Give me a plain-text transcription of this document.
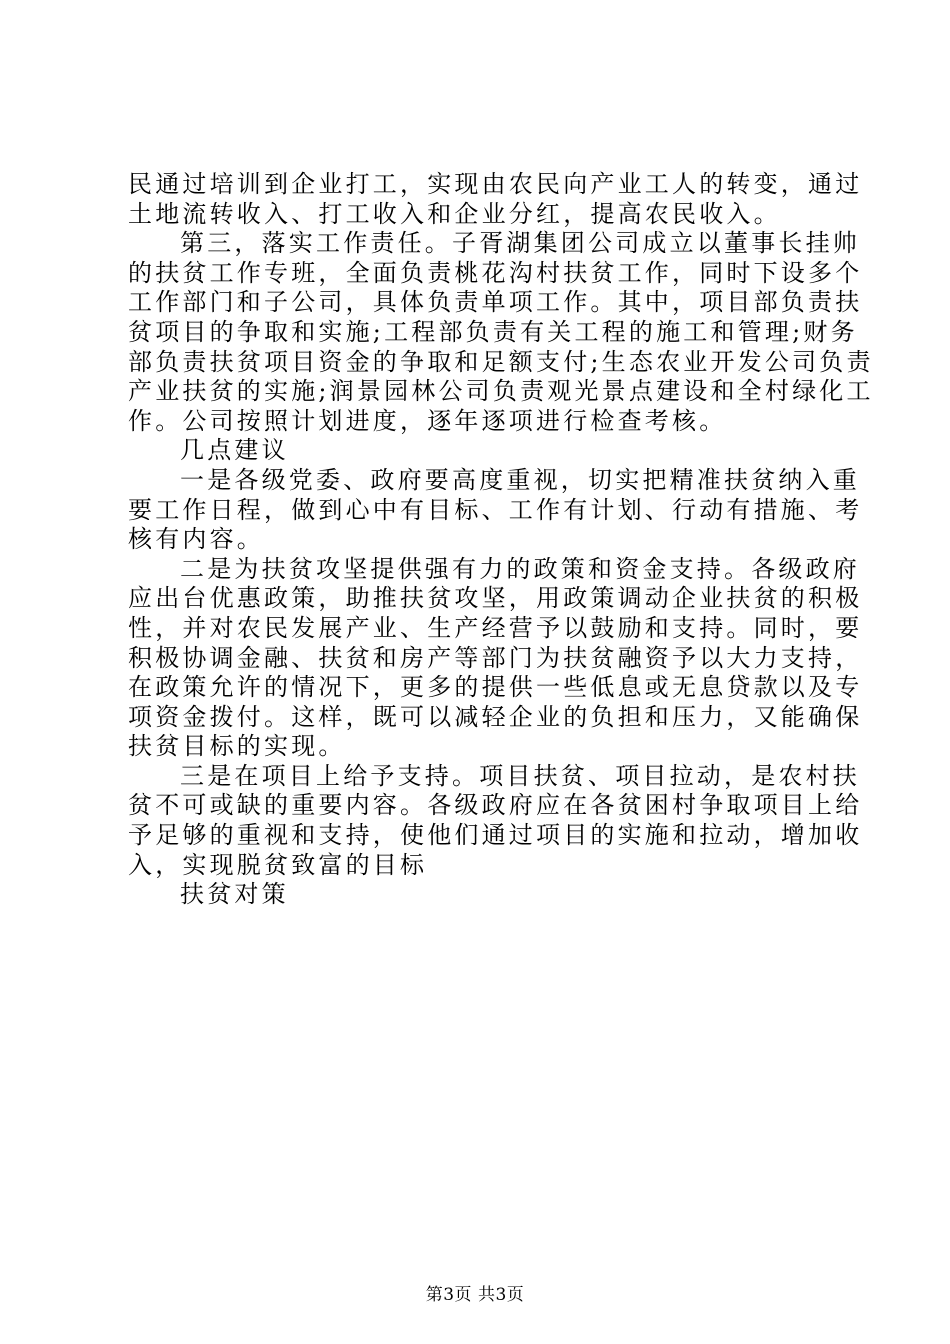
民通过培训到企业打工，实现由农民向产业工人的转变，通过
土地流转收入、打工收入和企业分红，提高农民收入。
第三，落实工作责任。子胥湖集团公司成立以董事长挂帅
的扶贫工作专班，全面负责桃花沟村扶贫工作，同时下设多个
工作部门和子公司，具体负责单项工作。其中，项目部负责扶
贫项目的争取和实施;工程部负责有关工程的施工和管理;财务
部负责扶贫项目资金的争取和足额支付;生态农业开发公司负责
产业扶贫的实施;润景园林公司负责观光景点建设和全村绿化工
作。公司按照计划进度，逐年逐项进行检查考核。
几点建议
一是各级党委、政府要高度重视，切实把精准扶贫纳入重
要工作日程，做到心中有目标、工作有计划、行动有措施、考
核有内容。
二是为扶贫攻坚提供强有力的政策和资金支持。各级政府
应出台优惠政策，助推扶贫攻坚，用政策调动企业扶贫的积极
性，并对农民发展产业、生产经营予以鼓励和支持。同时，要
积极协调金融、扶贫和房产等部门为扶贫融资予以大力支持，
在政策允许的情况下，更多的提供一些低息或无息贷款以及专
项资金拨付。这样，既可以减轻企业的负担和压力，又能确保
扶贫目标的实现。
三是在项目上给予支持。项目扶贫、项目拉动，是农村扶
贫不可或缺的重要内容。各级政府应在各贫困村争取项目上给
予足够的重视和支持，使他们通过项目的实施和拉动，增加收
入，实现脱贫致富的目标
扶贫对策
第3页 共3页
